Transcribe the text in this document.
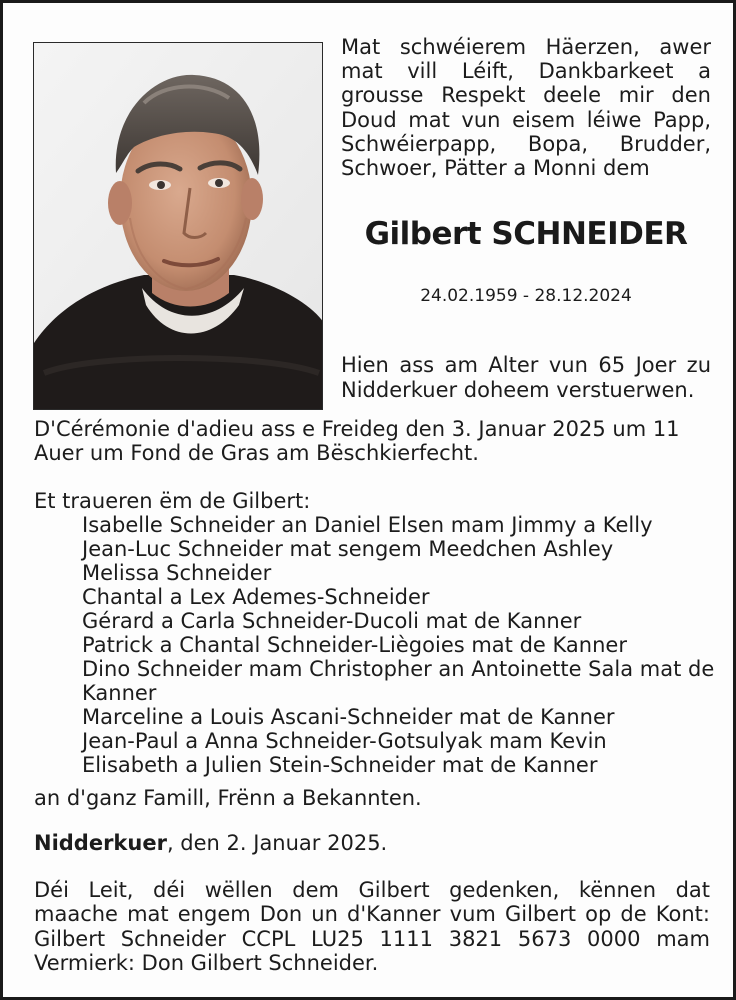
Mat schwéierem Häerzen, awer mat vill Léift, Dankbarkeet a grousse Respekt deele mir den Doud mat vun eisem léiwe Papp, Schwéierpapp, Bopa, Brudder, Schwoer, Pätter a Monni dem
Gilbert SCHNEIDER
24.02.1959 - 28.12.2024
Hien ass am Alter vun 65 Joer zu Nidderkuer doheem verstuerwen.
D'Cérémonie d'adieu ass e Freideg den 3. Januar 2025 um 11 Auer um Fond de Gras am Bëschkierfecht.
Et traueren ëm de Gilbert:
Isabelle Schneider an Daniel Elsen mam Jimmy a Kelly
Jean-Luc Schneider mat sengem Meedchen Ashley
Melissa Schneider
Chantal a Lex Ademes-Schneider
Gérard a Carla Schneider-Ducoli mat de Kanner
Patrick a Chantal Schneider-Liègoies mat de Kanner
Dino Schneider mam Christopher an Antoinette Sala mat de Kanner
Marceline a Louis Ascani-Schneider mat de Kanner
Jean-Paul a Anna Schneider-Gotsulyak mam Kevin
Elisabeth a Julien Stein-Schneider mat de Kanner
an d'ganz Famill, Frënn a Bekannten.
Nidderkuer, den 2. Januar 2025.
Déi Leit, déi wëllen dem Gilbert gedenken, kënnen dat
maache mat engem Don un d'Kanner vum Gilbert op de Kont:
Gilbert Schneider CCPL LU25 1111 3821 5673 0000 mam
Vermierk: Don Gilbert Schneider.
